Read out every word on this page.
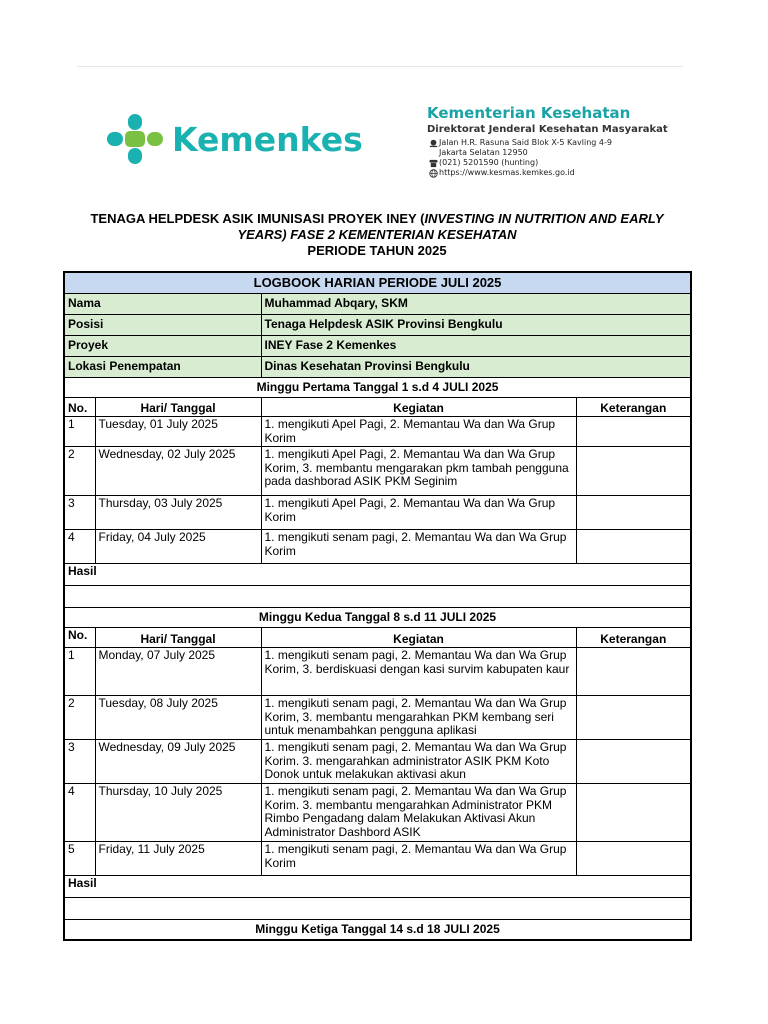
Kemenkes
Kementerian Kesehatan
Direktorat Jenderal Kesehatan Masyarakat
Jalan H.R. Rasuna Said Blok X-5 Kavling 4-9
Jakarta Selatan 12950
(021) 5201590 (hunting)
https://www.kesmas.kemkes.go.id
TENAGA HELPDESK ASIK IMUNISASI PROYEK INEY (INVESTING IN NUTRITION AND EARLY
YEARS) FASE 2 KEMENTERIAN KESEHATAN
PERIODE TAHUN 2025
LOGBOOK HARIAN PERIODE JULI 2025			
Nama		Muhammad Abqary, SKM	
Posisi		Tenaga Helpdesk ASIK Provinsi Bengkulu	
Proyek		INEY Fase 2 Kemenkes	
Lokasi Penempatan		Dinas Kesehatan Provinsi Bengkulu	
Minggu Pertama Tanggal 1 s.d 4 JULI 2025			
No.	Hari/ Tanggal	Kegiatan	Keterangan
1	Tuesday, 01 July 2025	1. mengikuti Apel Pagi, 2. Memantau Wa dan Wa Grup Korim	
2	Wednesday, 02 July 2025	1. mengikuti Apel Pagi, 2. Memantau Wa dan Wa Grup Korim, 3. membantu mengarakan pkm tambah pengguna pada dashborad ASIK PKM Seginim	
3	Thursday, 03 July 2025	1. mengikuti Apel Pagi, 2. Memantau Wa dan Wa Grup Korim	
4	Friday, 04 July 2025	1. mengikuti senam pagi, 2. Memantau Wa dan Wa Grup Korim	
Hasil			

Minggu Kedua Tanggal 8 s.d 11 JULI 2025			
No.	Hari/ Tanggal	Kegiatan	Keterangan
1	Monday, 07 July 2025	1. mengikuti senam pagi, 2. Memantau Wa dan Wa Grup Korim, 3. berdiskuasi dengan kasi survim kabupaten kaur	
2	Tuesday, 08 July 2025	1. mengikuti senam pagi, 2. Memantau Wa dan Wa Grup Korim, 3. membantu mengarahkan PKM kembang seri untuk menambahkan pengguna aplikasi	
3	Wednesday, 09 July 2025	1. mengikuti senam pagi, 2. Memantau Wa dan Wa Grup Korim. 3. mengarahkan administrator ASIK PKM Koto Donok untuk melakukan aktivasi akun	
4	Thursday, 10 July 2025	1. mengikuti senam pagi, 2. Memantau Wa dan Wa Grup Korim. 3. membantu mengarahkan Administrator PKM Rimbo Pengadang dalam Melakukan Aktivasi Akun Administrator Dashbord ASIK	
5	Friday, 11 July 2025	1. mengikuti senam pagi, 2. Memantau Wa dan Wa Grup Korim	
Hasil			

Minggu Ketiga Tanggal 14 s.d 18 JULI 2025			
